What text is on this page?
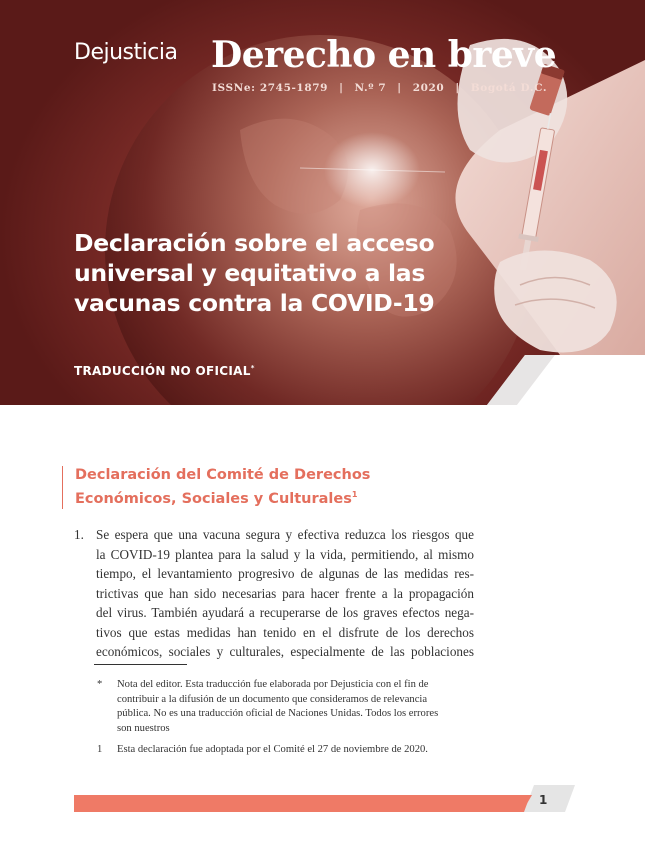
Dejusticia Derecho en breve
ISSNe: 2745-1879 | N.º 7 | 2020 | Bogotá D.C.
Declaración sobre el acceso
universal y equitativo a las
vacunas contra la COVID-19
TRADUCCIÓN NO OFICIAL*
Declaración del Comité de Derechos
Económicos, Sociales y Culturales$^1$
1. Se espera que una vacuna segura y efectiva reduzca los riesgos que
la COVID-19 plantea para la salud y la vida, permitiendo, al mismo
tiempo, el levantamiento progresivo de algunas de las medidas res-
trictivas que han sido necesarias para hacer frente a la propagación
del virus. También ayudará a recuperarse de los graves efectos nega-
tivos que estas medidas han tenido en el disfrute de los derechos
económicos, sociales y culturales, especialmente de las poblaciones
* Nota del editor. Esta traducción fue elaborada por Dejusticia con el fin de
contribuir a la difusión de un documento que consideramos de relevancia
pública. No es una traducción oficial de Naciones Unidas. Todos los errores
son nuestros
1 Esta declaración fue adoptada por el Comité el 27 de noviembre de 2020.
1
